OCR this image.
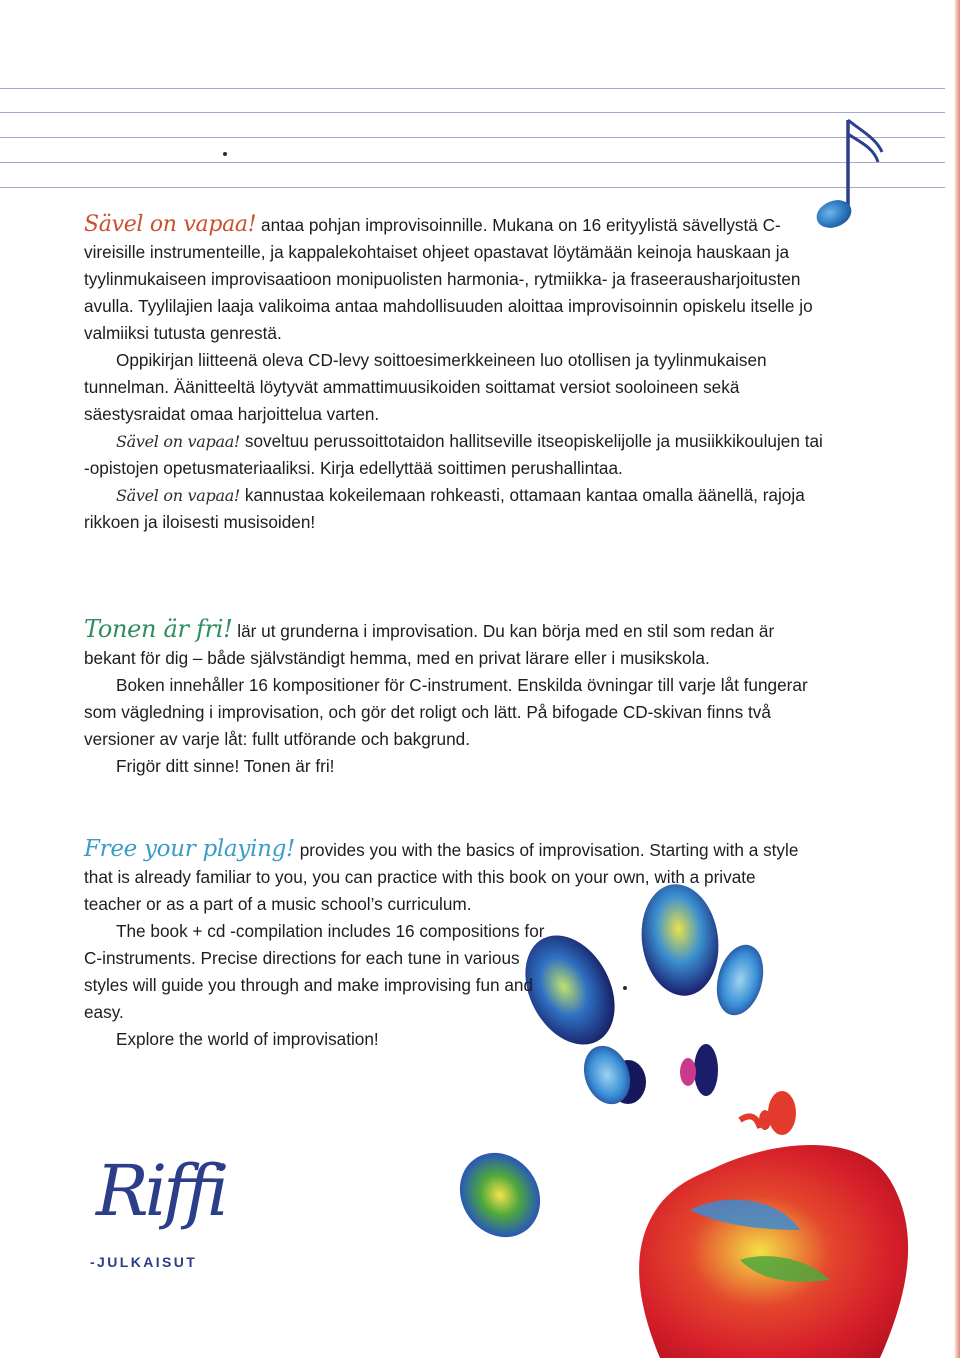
Sävel on vapaa! antaa pohjan improvisoinnille. Mukana on 16 erityylistä sävellystä C-vireisille instrumenteille, ja kappalekohtaiset ohjeet opastavat löytämään keinoja hauskaan ja tyylinmukaiseen improvisaatioon monipuolisten harmonia-, rytmiikka- ja fraseerausharjoitusten avulla. Tyylilajien laaja valikoima antaa mahdollisuuden aloittaa improvisoinnin opiskelu itselle jo valmiiksi tutusta genrestä.

Oppikirjan liitteenä oleva CD-levy soittoesimerkkeineen luo otollisen ja tyylinmukaisen tunnelman. Äänitteeltä löytyvät ammattimuusikoiden soittamat versiot sooloineen sekä säestysraidat omaa harjoittelua varten.

Sävel on vapaa! soveltuu perussoittotaidon hallitseville itseopiskelijolle ja musiikkikoulujen tai -opistojen opetusmateriaaliksi. Kirja edellyttää soittimen perushallintaa.

Sävel on vapaa! kannustaa kokeilemaan rohkeasti, ottamaan kantaa omalla äänellä, rajoja rikkoen ja iloisesti musisoiden!

Tonen är fri! lär ut grunderna i improvisation. Du kan börja med en stil som redan är bekant för dig – både självständigt hemma, med en privat lärare eller i musikskola.

Boken innehåller 16 kompositioner för C-instrument. Enskilda övningar till varje låt fungerar som vägledning i improvisation, och gör det roligt och lätt. På bifogade CD-skivan finns två versioner av varje låt: fullt utförande och bakgrund.

Frigör ditt sinne! Tonen är fri!

Free your playing! provides you with the basics of improvisation. Starting with a style that is already familiar to you, you can practice with this book on your own, with a private teacher or as a part of a music school’s curriculum.

The book + cd -compilation includes 16 compositions for C-instruments. Precise directions for each tune in various styles will guide you through and make improvising fun and easy.

Explore the world of improvisation!

Riffi
-JULKAISUT
